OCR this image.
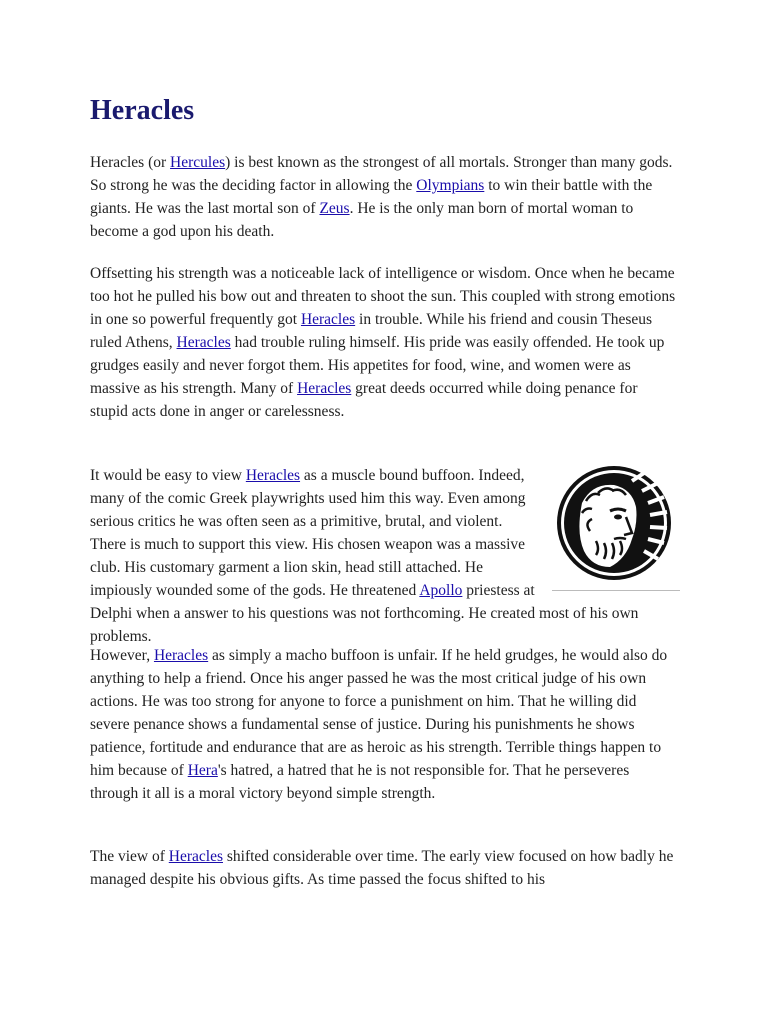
Heracles

Heracles (or Hercules) is best known as the strongest of all mortals. Stronger than many gods. So strong he was the deciding factor in allowing the Olympians to win their battle with the giants. He was the last mortal son of Zeus. He is the only man born of mortal woman to become a god upon his death.

Offsetting his strength was a noticeable lack of intelligence or wisdom. Once when he became too hot he pulled his bow out and threaten to shoot the sun. This coupled with strong emotions in one so powerful frequently got Heracles in trouble. While his friend and cousin Theseus ruled Athens, Heracles had trouble ruling himself. His pride was easily offended. He took up grudges easily and never forgot them. His appetites for food, wine, and women were as massive as his strength. Many of Heracles great deeds occurred while doing penance for stupid acts done in anger or carelessness.

It would be easy to view Heracles as a muscle bound buffoon. Indeed, many of the comic Greek playwrights used him this way. Even among serious critics he was often seen as a primitive, brutal, and violent. There is much to support this view. His chosen weapon was a massive club. His customary garment a lion skin, head still attached. He impiously wounded some of the gods. He threatened Apollo priestess at Delphi when a answer to his questions was not forthcoming. He created most of his own problems.

However, Heracles as simply a macho buffoon is unfair. If he held grudges, he would also do anything to help a friend. Once his anger passed he was the most critical judge of his own actions. He was too strong for anyone to force a punishment on him. That he willing did severe penance shows a fundamental sense of justice. During his punishments he shows patience, fortitude and endurance that are as heroic as his strength. Terrible things happen to him because of Hera's hatred, a hatred that he is not responsible for. That he perseveres through it all is a moral victory beyond simple strength.

The view of Heracles shifted considerable over time. The early view focused on how badly he managed despite his obvious gifts. As time passed the focus shifted to his
